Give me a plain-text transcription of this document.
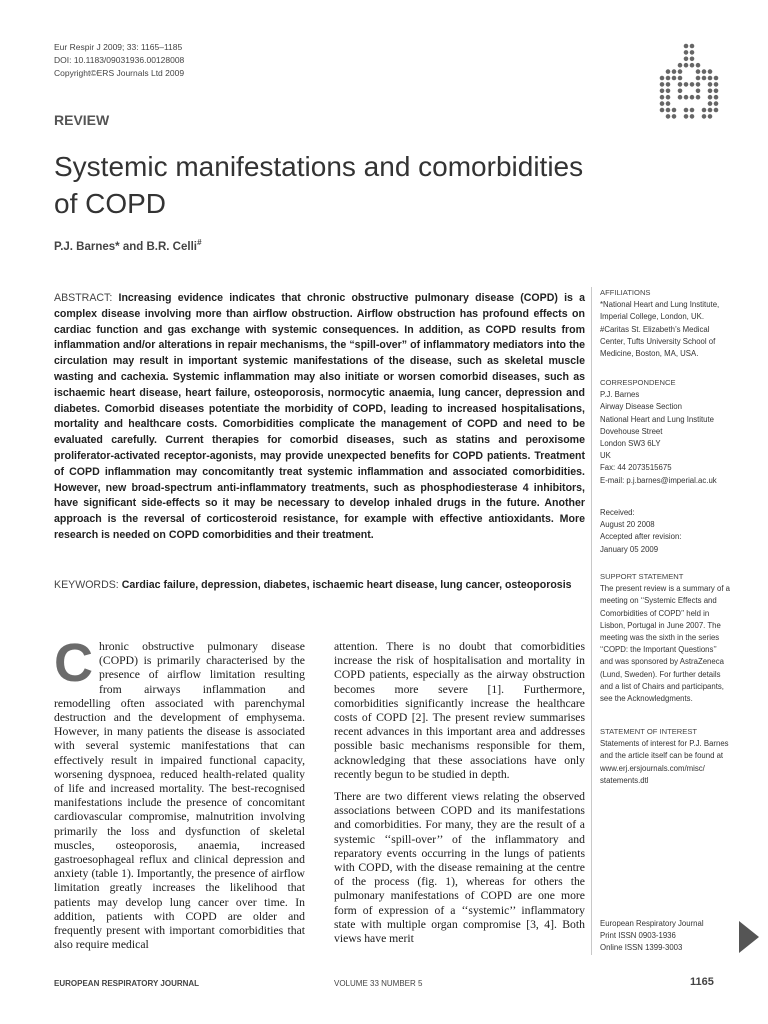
Eur Respir J 2009; 33: 1165–1185
DOI: 10.1183/09031936.00128008
Copyright©ERS Journals Ltd 2009
REVIEW
Systemic manifestations and comorbidities of COPD
P.J. Barnes* and B.R. Celli#
ABSTRACT: Increasing evidence indicates that chronic obstructive pulmonary disease (COPD) is a complex disease involving more than airflow obstruction. Airflow obstruction has profound effects on cardiac function and gas exchange with systemic consequences. In addition, as COPD results from inflammation and/or alterations in repair mechanisms, the “spill-over” of inflammatory mediators into the circulation may result in important systemic manifestations of the disease, such as skeletal muscle wasting and cachexia. Systemic inflammation may also initiate or worsen comorbid diseases, such as ischaemic heart disease, heart failure, osteoporosis, normocytic anaemia, lung cancer, depression and diabetes. Comorbid diseases potentiate the morbidity of COPD, leading to increased hospitalisations, mortality and healthcare costs. Comorbidities complicate the management of COPD and need to be evaluated carefully. Current therapies for comorbid diseases, such as statins and peroxisome proliferator-activated receptor-agonists, may provide unexpected benefits for COPD patients. Treatment of COPD inflammation may concomitantly treat systemic inflammation and associated comorbidities. However, new broad-spectrum anti-inflammatory treatments, such as phosphodiesterase 4 inhibitors, have significant side-effects so it may be necessary to develop inhaled drugs in the future. Another approach is the reversal of corticosteroid resistance, for example with effective antioxidants. More research is needed on COPD comorbidities and their treatment.
KEYWORDS: Cardiac failure, depression, diabetes, ischaemic heart disease, lung cancer, osteoporosis

Chronic obstructive pulmonary disease (COPD) is primarily characterised by the presence of airflow limitation resulting from airways inflammation and remodelling often associated with parenchymal destruction and the development of emphysema. However, in many patients the disease is associated with several systemic manifestations that can effectively result in impaired functional capacity, worsening dyspnoea, reduced health-related quality of life and increased mortality. The best-recognised manifestations include the presence of concomitant cardiovascular compromise, malnutrition involving primarily the loss and dysfunction of skeletal muscles, osteoporosis, anaemia, increased gastroesophageal reflux and clinical depression and anxiety (table 1). Importantly, the presence of airflow limitation greatly increases the likelihood that patients may develop lung cancer over time. In addition, patients with COPD are older and frequently present with important comorbidities that also require medical

attention. There is no doubt that comorbidities increase the risk of hospitalisation and mortality in COPD patients, especially as the airway obstruction becomes more severe [1]. Furthermore, comorbidities significantly increase the healthcare costs of COPD [2]. The present review summarises recent advances in this important area and addresses possible basic mechanisms responsible for them, acknowledging that these associations have only recently begun to be studied in depth.

There are two different views relating the observed associations between COPD and its manifestations and comorbidities. For many, they are the result of a systemic ‘‘spill-over’’ of the inflammatory and reparatory events occurring in the lungs of patients with COPD, with the disease remaining at the centre of the process (fig. 1), whereas for others the pulmonary manifestations of COPD are one more form of expression of a ‘‘systemic’’ inflammatory state with multiple organ compromise [3, 4]. Both views have merit

AFFILIATIONS
*National Heart and Lung Institute,
Imperial College, London, UK.
#Caritas St. Elizabeth’s Medical
Center, Tufts University School of
Medicine, Boston, MA, USA.
CORRESPONDENCE
P.J. Barnes
Airway Disease Section
National Heart and Lung Institute
Dovehouse Street
London SW3 6LY
UK
Fax: 44 2073515675
E-mail: p.j.barnes@imperial.ac.uk
Received:
August 20 2008
Accepted after revision:
January 05 2009
SUPPORT STATEMENT
The present review is a summary of a
meeting on ‘‘Systemic Effects and
Comorbidities of COPD’’ held in
Lisbon, Portugal in June 2007. The
meeting was the sixth in the series
‘‘COPD: the Important Questions’’
and was sponsored by AstraZeneca
(Lund, Sweden). For further details
and a list of Chairs and participants,
see the Acknowledgments.
STATEMENT OF INTEREST
Statements of interest for P.J. Barnes
and the article itself can be found at
www.erj.ersjournals.com/misc/
statements.dtl
European Respiratory Journal
Print ISSN 0903-1936
Online ISSN 1399-3003
EUROPEAN RESPIRATORY JOURNAL	VOLUME 33 NUMBER 5	1165
